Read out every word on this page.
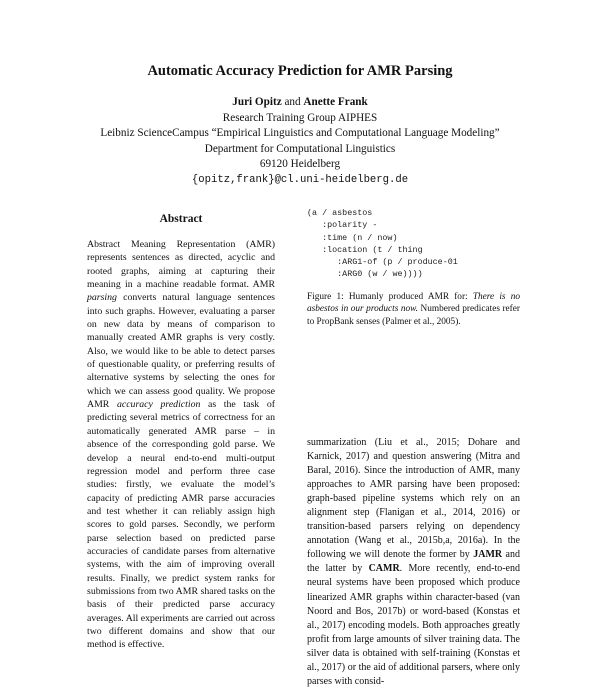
Automatic Accuracy Prediction for AMR Parsing
Juri Opitz and Anette Frank
Research Training Group AIPHES
Leibniz ScienceCampus “Empirical Linguistics and Computational Language Modeling”
Department for Computational Linguistics
69120 Heidelberg
{opitz,frank}@cl.uni-heidelberg.de
Abstract

Abstract Meaning Representation (AMR) represents sentences as directed, acyclic and rooted graphs, aiming at capturing their meaning in a machine readable format. AMR parsing converts natural language sentences into such graphs. However, evaluating a parser on new data by means of comparison to manually created AMR graphs is very costly. Also, we would like to be able to detect parses of questionable quality, or preferring results of alternative systems by selecting the ones for which we can assess good quality. We propose AMR accuracy prediction as the task of predicting several metrics of correctness for an automatically generated AMR parse – in absence of the corresponding gold parse. We develop a neural end-to-end multi-output regression model and perform three case studies: firstly, we evaluate the model’s capacity of predicting AMR parse accuracies and test whether it can reliably assign high scores to gold parses. Secondly, we perform parse selection based on predicted parse accuracies of candidate parses from alternative systems, with the aim of improving overall results. Finally, we predict system ranks for submissions from two AMR shared tasks on the basis of their predicted parse accuracy averages. All experiments are carried out across two different domains and show that our method is effective.

(a / asbestos
:polarity -
:time (n / now)
:location (t / thing
:ARG1-of (p / produce-01
:ARG0 (w / we))))
Figure 1: Humanly produced AMR for: There is no asbestos in our products now. Numbered predicates refer to PropBank senses (Palmer et al., 2005).

summarization (Liu et al., 2015; Dohare and Karnick, 2017) and question answering (Mitra and Baral, 2016). Since the introduction of AMR, many approaches to AMR parsing have been proposed: graph-based pipeline systems which rely on an alignment step (Flanigan et al., 2014, 2016) or transition-based parsers relying on dependency annotation (Wang et al., 2015b,a, 2016a). In the following we will denote the former by JAMR and the latter by CAMR. More recently, end-to-end neural systems have been proposed which produce linearized AMR graphs within character-based (van Noord and Bos, 2017b) or word-based (Konstas et al., 2017) encoding models. Both approaches greatly profit from large amounts of silver training data. The silver data is obtained with self-training (Konstas et al., 2017) or the aid of additional parsers, where only parses with consid-
